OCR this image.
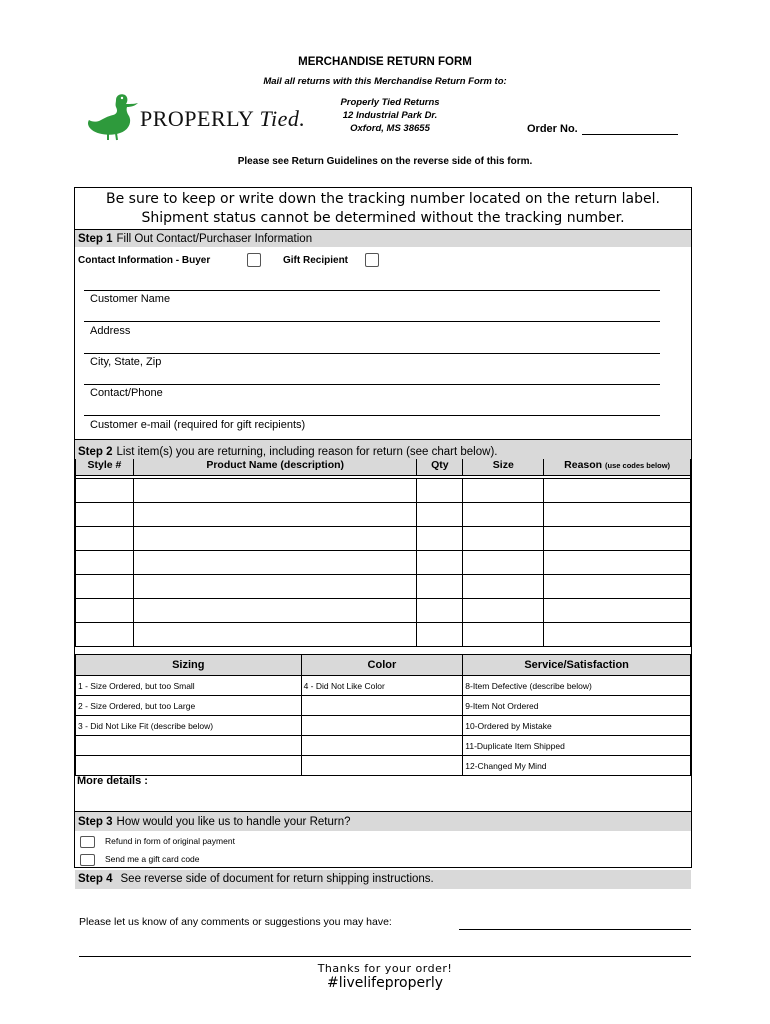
MERCHANDISE RETURN FORM
Mail all returns with this Merchandise Return Form to:
PROPERLY Tied.
Properly Tied Returns
12 Industrial Park Dr.
Oxford, MS 38655	Order No.
Please see Return Guidelines on the reverse side of this form.
Be sure to keep or write down the tracking number located on the return label.
Shipment status cannot be determined without the tracking number.
Step 1 Fill Out Contact/Purchaser Information
Contact Information - Buyer	Gift Recipient
Customer Name
Address
City, State, Zip
Contact/Phone
Customer e-mail (required for gift recipients)
Step 2 List item(s) you are returning, including reason for return (see chart below).
Style #	Product Name (description)	Qty	Size	Reason (use codes below)

Sizing	Color	Service/Satisfaction
1 - Size Ordered, but too Small	4 - Did Not Like Color	8-Item Defective (describe below)
2 - Size Ordered, but too Large		9-Item Not Ordered
3 - Did Not Like Fit (describe below)		10-Ordered by Mistake
		11-Duplicate Item Shipped
		12-Changed My Mind
More details :
Step 3 How would you like us to handle your Return?
Refund in form of original payment
Send me a gift card code
Step 4 See reverse side of document for return shipping instructions.
Please let us know of any comments or suggestions you may have:
Thanks for your order!
#livelifeproperly
